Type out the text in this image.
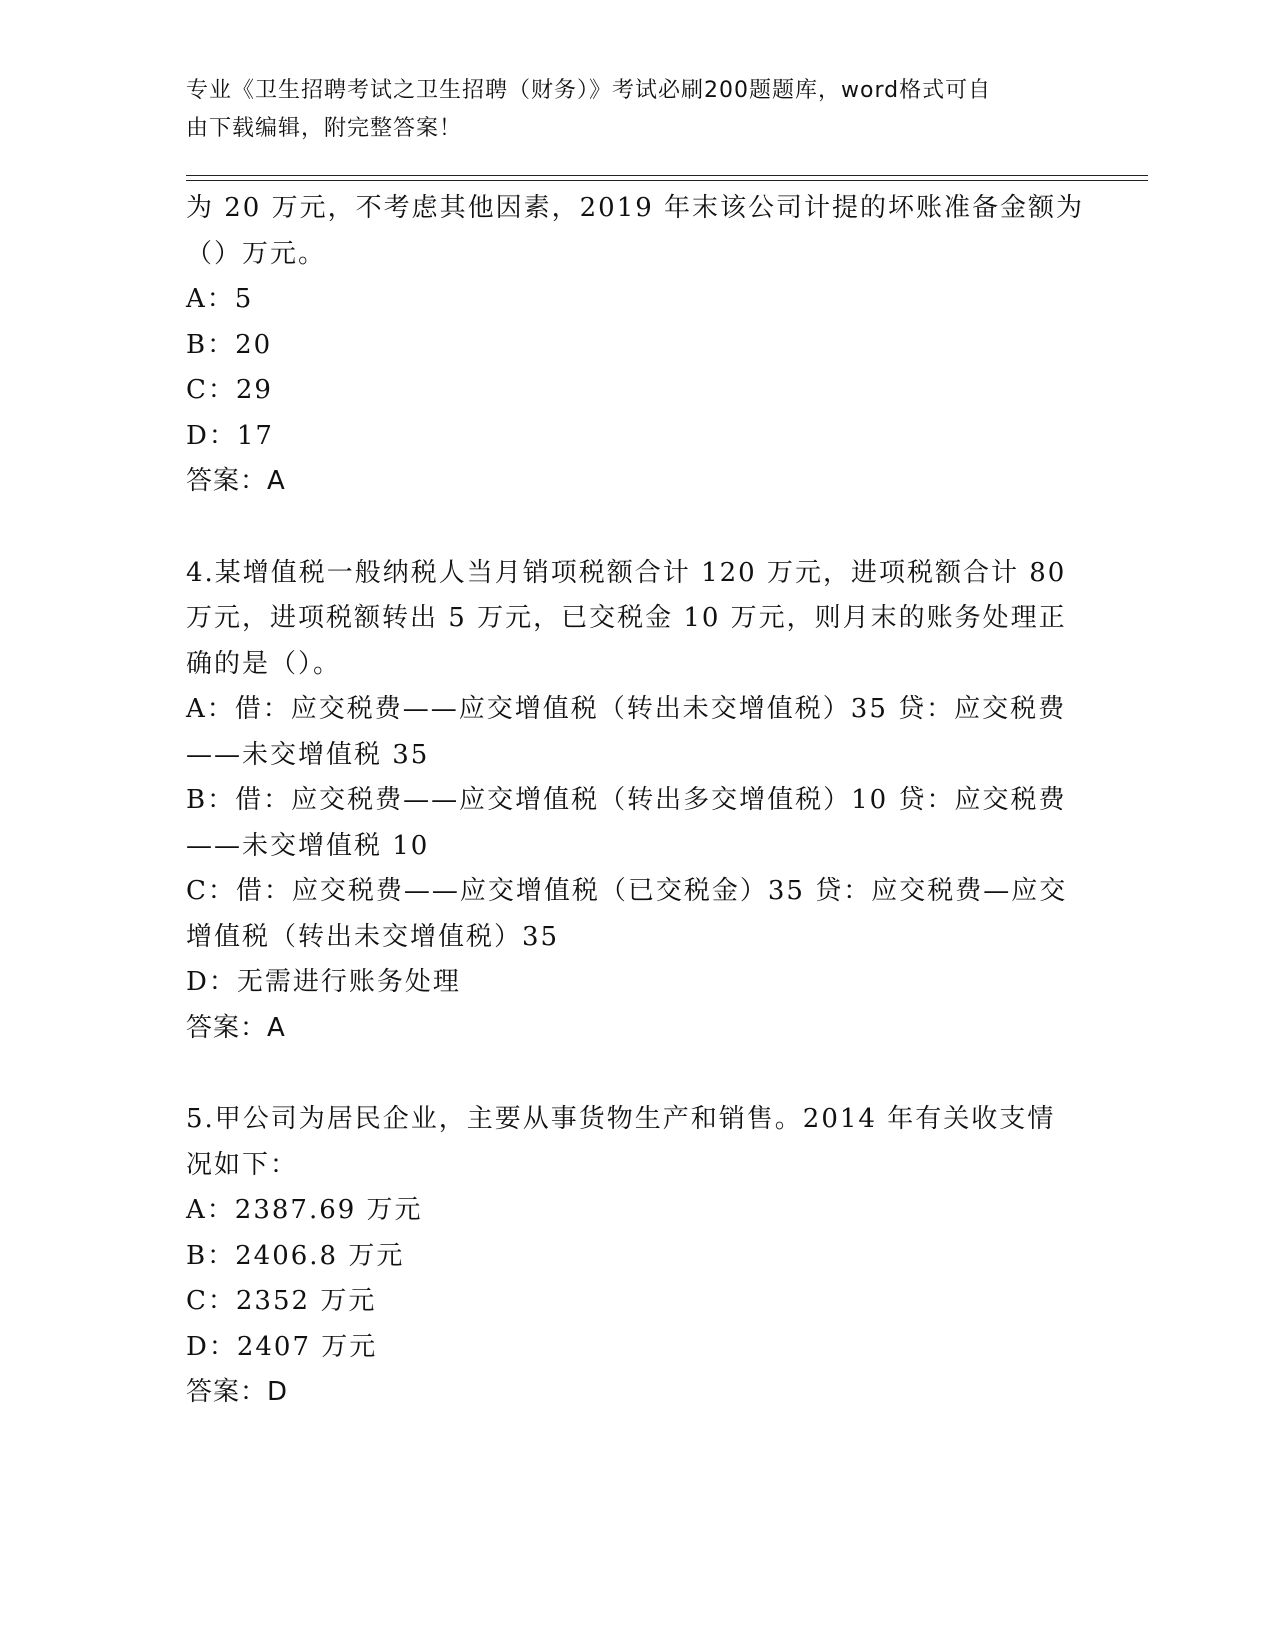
专业《卫生招聘考试之卫生招聘（财务）》考试必刷200题题库，word格式可自
由下载编辑，附完整答案！
为 20 万元，不考虑其他因素，2019 年末该公司计提的坏账准备金额为
（）万元。
A：5
B：20
C：29
D：17
答案：A
4.某增值税一般纳税人当月销项税额合计 120 万元，进项税额合计 80
万元，进项税额转出 5 万元，已交税金 10 万元，则月末的账务处理正
确的是（）。
A：借：应交税费——应交增值税（转出未交增值税）35 贷：应交税费
——未交增值税 35
B：借：应交税费——应交增值税（转出多交增值税）10 贷：应交税费
——未交增值税 10
C：借：应交税费——应交增值税（已交税金）35 贷：应交税费—应交
增值税（转出未交增值税）35
D：无需进行账务处理
答案：A
5.甲公司为居民企业，主要从事货物生产和销售。2014 年有关收支情
况如下：
A：2387.69 万元
B：2406.8 万元
C：2352 万元
D：2407 万元
答案：D
